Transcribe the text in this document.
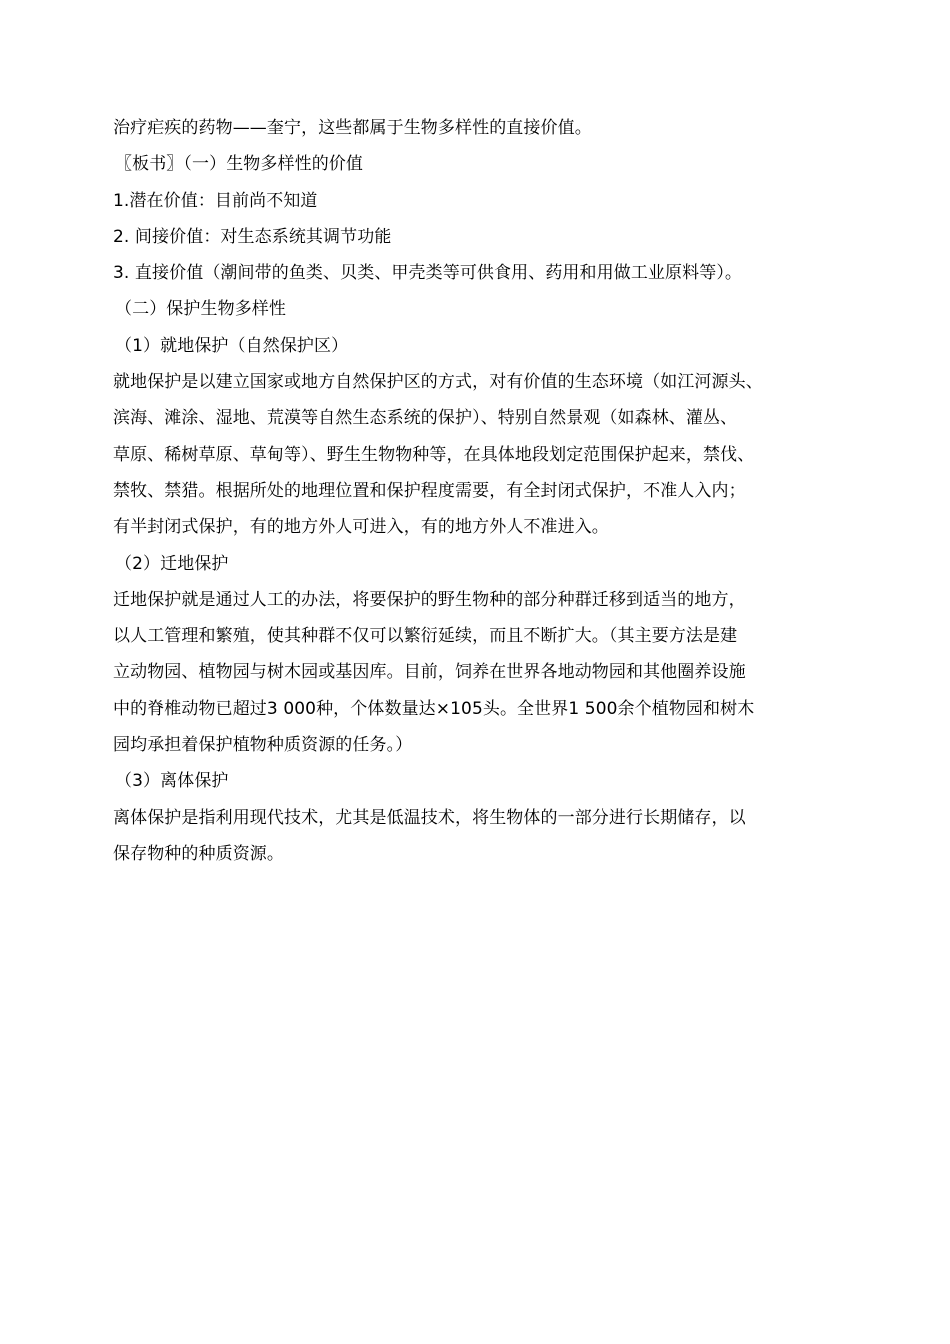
治疗疟疾的药物——奎宁，这些都属于生物多样性的直接价值。
〖板书〗（一）生物多样性的价值
1.潜在价值：目前尚不知道
2. 间接价值：对生态系统其调节功能
3. 直接价值（潮间带的鱼类、贝类、甲壳类等可供食用、药用和用做工业原料等）。
（二）保护生物多样性
（1）就地保护（自然保护区）
就地保护是以建立国家或地方自然保护区的方式，对有价值的生态环境（如江河源头、
滨海、滩涂、湿地、荒漠等自然生态系统的保护）、特别自然景观（如森林、灌丛、
草原、稀树草原、草甸等）、野生生物物种等，在具体地段划定范围保护起来，禁伐、
禁牧、禁猎。根据所处的地理位置和保护程度需要，有全封闭式保护，不准人入内；
有半封闭式保护，有的地方外人可进入，有的地方外人不准进入。
（2）迁地保护
迁地保护就是通过人工的办法，将要保护的野生物种的部分种群迁移到适当的地方，
以人工管理和繁殖，使其种群不仅可以繁衍延续，而且不断扩大。（其主要方法是建
立动物园、植物园与树木园或基因库。目前，饲养在世界各地动物园和其他圈养设施
中的脊椎动物已超过3 000种，个体数量达×105头。全世界1 500余个植物园和树木
园均承担着保护植物种质资源的任务。）
（3）离体保护
离体保护是指利用现代技术，尤其是低温技术，将生物体的一部分进行长期储存，以
保存物种的种质资源。
